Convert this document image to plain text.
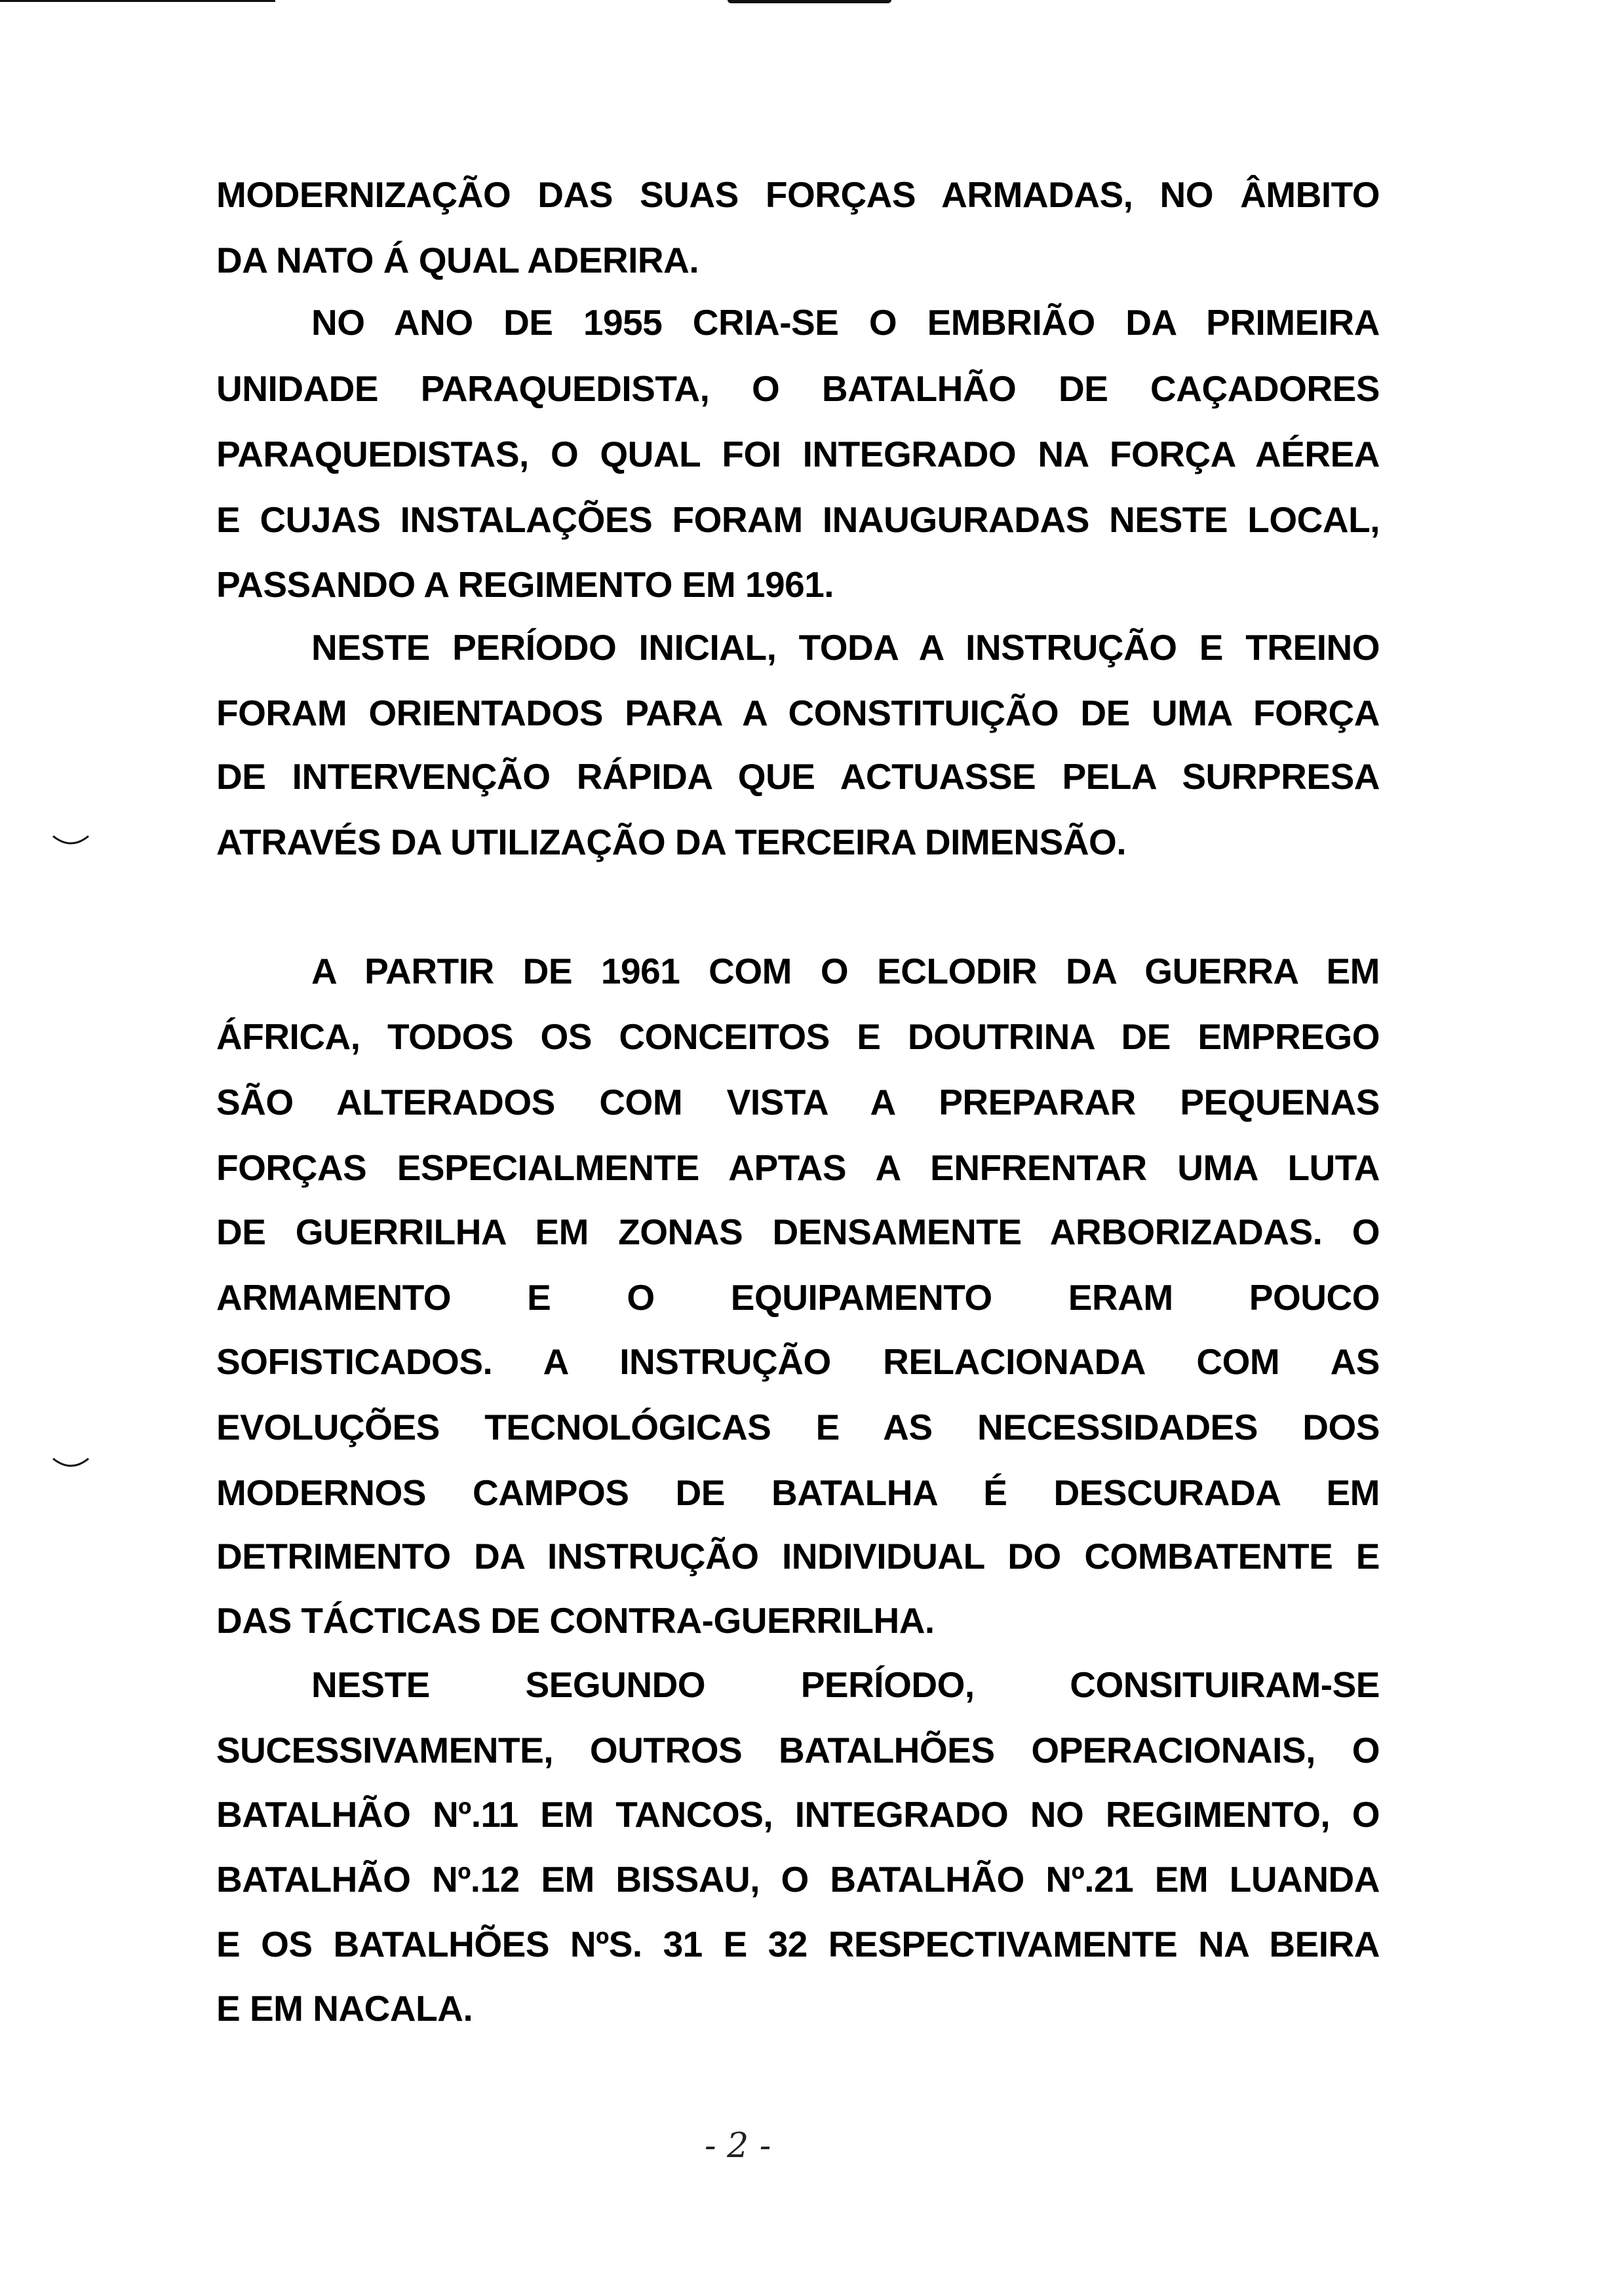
MODERNIZAÇÃO DAS SUAS FORÇAS ARMADAS, NO ÂMBITO
DA NATO Á QUAL ADERIRA.
NO ANO DE 1955 CRIA-SE O EMBRIÃO DA PRIMEIRA
UNIDADE PARAQUEDISTA, O BATALHÃO DE CAÇADORES
PARAQUEDISTAS, O QUAL FOI INTEGRADO NA FORÇA AÉREA
E CUJAS INSTALAÇÕES FORAM INAUGURADAS NESTE LOCAL,
PASSANDO A REGIMENTO EM 1961.
NESTE PERÍODO INICIAL, TODA A INSTRUÇÃO E TREINO
FORAM ORIENTADOS PARA A CONSTITUIÇÃO DE UMA FORÇA
DE INTERVENÇÃO RÁPIDA QUE ACTUASSE PELA SURPRESA
ATRAVÉS DA UTILIZAÇÃO DA TERCEIRA DIMENSÃO.
A PARTIR DE 1961 COM O ECLODIR DA GUERRA EM
ÁFRICA, TODOS OS CONCEITOS E DOUTRINA DE EMPREGO
SÃO ALTERADOS COM VISTA A PREPARAR PEQUENAS
FORÇAS ESPECIALMENTE APTAS A ENFRENTAR UMA LUTA
DE GUERRILHA EM ZONAS DENSAMENTE ARBORIZADAS. O
ARMAMENTO E O EQUIPAMENTO ERAM POUCO
SOFISTICADOS. A INSTRUÇÃO RELACIONADA COM AS
EVOLUÇÕES TECNOLÓGICAS E AS NECESSIDADES DOS
MODERNOS CAMPOS DE BATALHA É DESCURADA EM
DETRIMENTO DA INSTRUÇÃO INDIVIDUAL DO COMBATENTE E
DAS TÁCTICAS DE CONTRA-GUERRILHA.
NESTE SEGUNDO PERÍODO, CONSITUIRAM-SE
SUCESSIVAMENTE, OUTROS BATALHÕES OPERACIONAIS, O
BATALHÃO Nº.11 EM TANCOS, INTEGRADO NO REGIMENTO, O
BATALHÃO Nº.12 EM BISSAU, O BATALHÃO Nº.21 EM LUANDA
E OS BATALHÕES NºS. 31 E 32 RESPECTIVAMENTE NA BEIRA
E EM NACALA.
- 2 -
